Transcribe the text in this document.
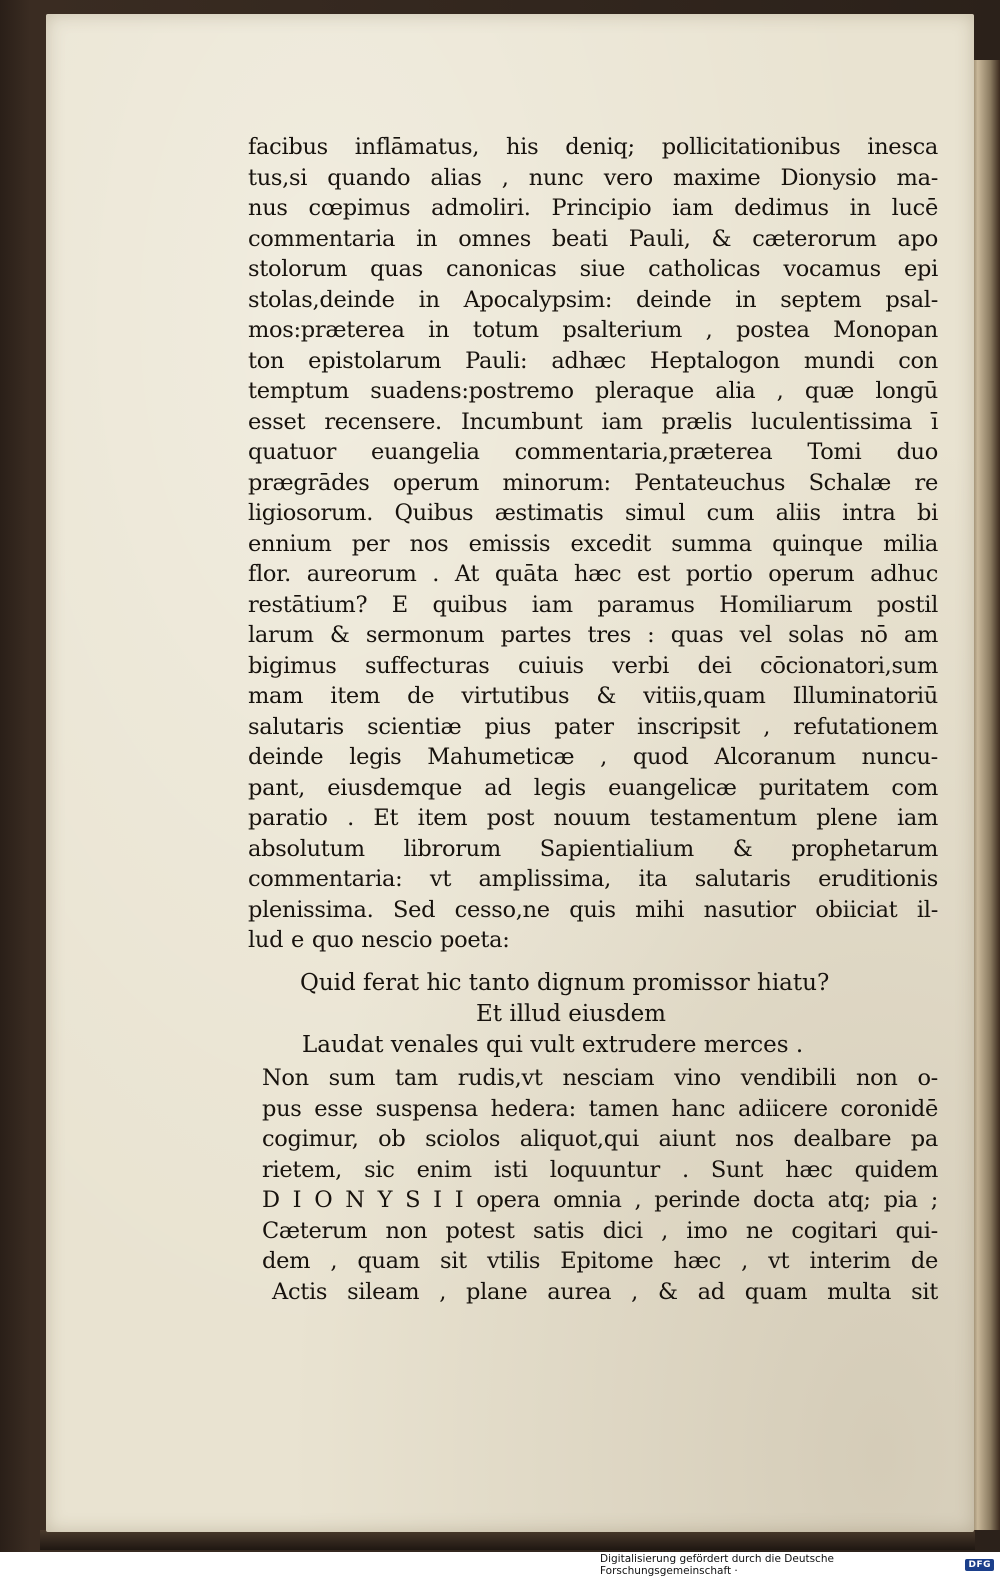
facibus inflāmatus, his deniq; pollicitationibus inesca
tus,si quando alias , nunc vero maxime Dionysio ma-
nus cœpimus admoliri. Principio iam dedimus in lucē
commentaria in omnes beati Pauli, & cæterorum apo
stolorum quas canonicas siue catholicas vocamus epi
stolas,deinde in Apocalypsim: deinde in septem psal-
mos:præterea in totum psalterium , postea Monopan
ton epistolarum Pauli: adhæc Heptalogon mundi con
temptum suadens:postremo pleraque alia , quæ longū
esset recensere. Incumbunt iam prælis luculentissima ī
quatuor euangelia commentaria,præterea Tomi duo
prægrādes operum minorum: Pentateuchus Schalæ re
ligiosorum. Quibus æstimatis simul cum aliis intra bi
ennium per nos emissis excedit summa quinque milia
flor. aureorum . At quāta hæc est portio operum adhuc
restātium? E quibus iam paramus Homiliarum postil
larum & sermonum partes tres : quas vel solas nō am
bigimus suffecturas cuiuis verbi dei cōcionatori,sum
mam item de virtutibus & vitiis,quam Illuminatoriū
salutaris scientiæ pius pater inscripsit , refutationem
deinde legis Mahumeticæ , quod Alcoranum nuncu-
pant, eiusdemque ad legis euangelicæ puritatem com
paratio . Et item post nouum testamentum plene iam
absolutum librorum Sapientialium & prophetarum
commentaria: vt amplissima, ita salutaris eruditionis
plenissima. Sed cesso,ne quis mihi nasutior obiiciat il-
lud e quo nescio poeta:
Quid ferat hic tanto dignum promissor hiatu?
Et illud eiusdem
Laudat venales qui vult extrudere merces .
Non sum tam rudis,vt nesciam vino vendibili non o-
pus esse suspensa hedera: tamen hanc adiicere coronidē
cogimur, ob sciolos aliquot,qui aiunt nos dealbare pa
rietem, sic enim isti loquuntur . Sunt hæc quidem
D I O N Y S I I opera omnia , perinde docta atq; pia ;
Cæterum non potest satis dici , imo ne cogitari qui-
dem , quam sit vtilis Epitome hæc , vt interim de
Actis sileam , plane aurea , & ad quam multa sit
Digitalisierung gefördert durch die Deutsche Forschungsgemeinschaft ·	DFG
